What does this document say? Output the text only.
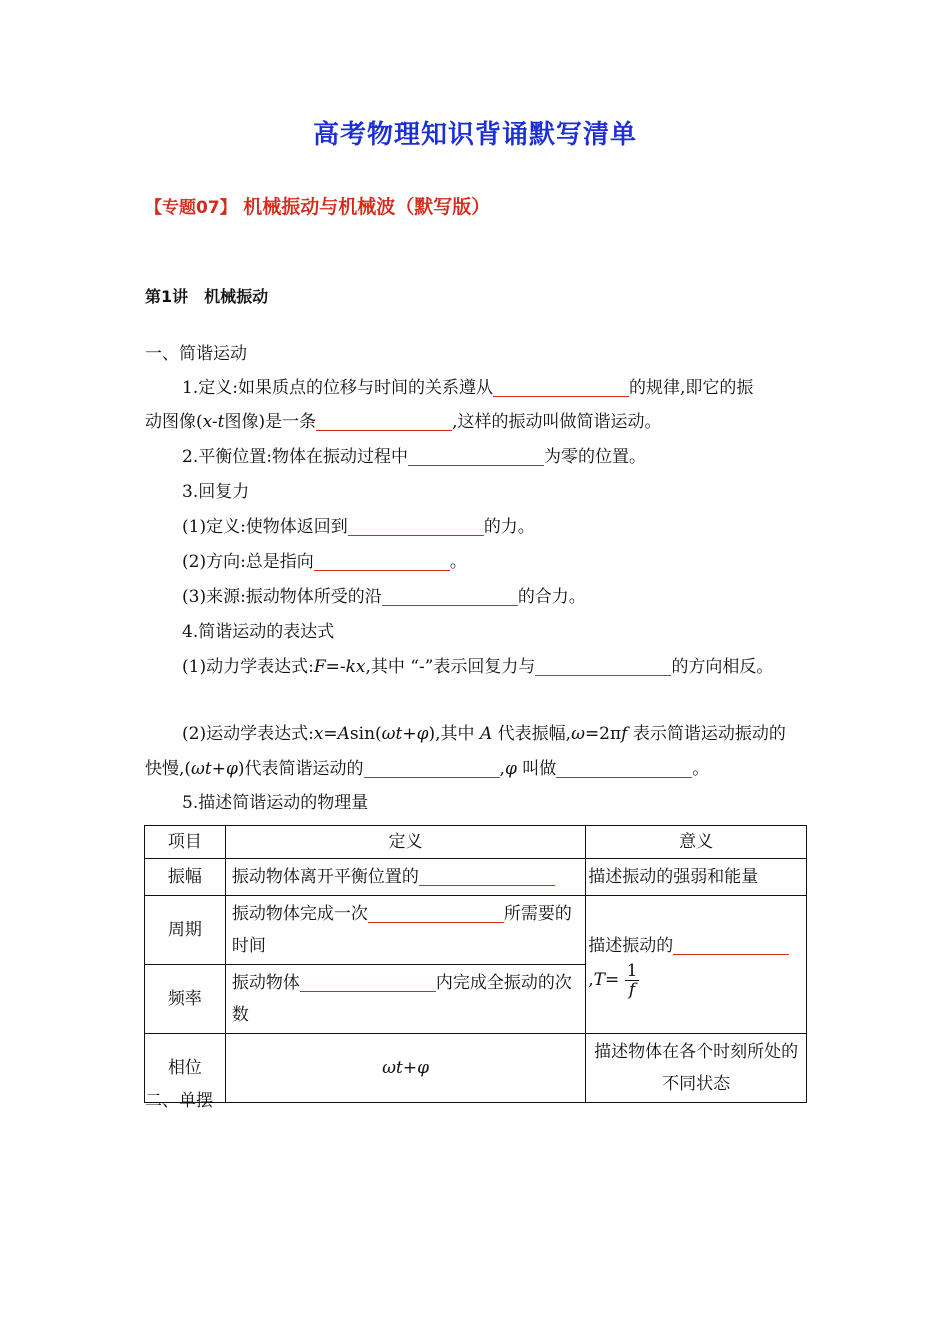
高考物理知识背诵默写清单
【专题07】 机械振动与机械波（默写版）
第1讲　机械振动
一、简谐运动
1.定义:如果质点的位移与时间的关系遵从	的规律,即它的振
动图像(x-t图像)是一条	,这样的振动叫做简谐运动。
2.平衡位置:物体在振动过程中	为零的位置。
3.回复力
(1)定义:使物体返回到	的力。
(2)方向:总是指向	。
(3)来源:振动物体所受的沿	的合力。
4.简谐运动的表达式
(1)动力学表达式:F=-kx,其中 “-”表示回复力与	的方向相反。
(2)运动学表达式:x=Asin(ωt+φ),其中 A 代表振幅,ω=2πf 表示简谐运动振动的
快慢,(ωt+φ)代表简谐运动的	,φ 叫做	。
5.描述简谐运动的物理量
项目	定义	意义
振幅	振动物体离开平衡位置的	描述振动的强弱和能量
周期	振动物体完成一次 所需要的时间	描述振动的
$,T= \frac{1}{f}$

频率	振动物体 内完成全振动的次数	
相位	ωt+φ	描述物体在各个时刻所处的不同状态
二、单摆
